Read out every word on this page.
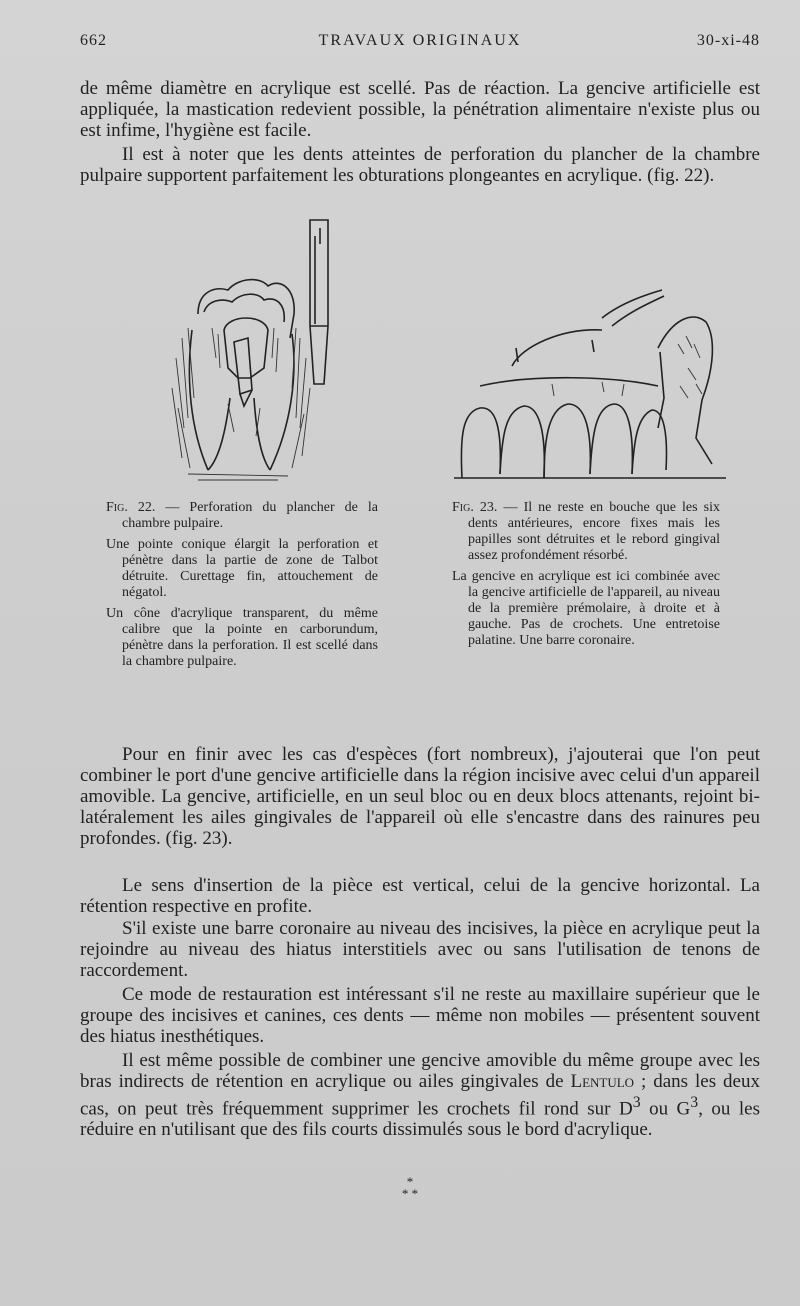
662	TRAVAUX ORIGINAUX	30-xi-48

de même diamètre en acrylique est scellé. Pas de réaction. La gencive artificielle est appliquée, la mastication redevient possible, la pénétration alimentaire n'existe plus ou est infime, l'hygiène est facile.

Il est à noter que les dents atteintes de perforation du plancher de la chambre pulpaire supportent parfaitement les obturations plongeantes en acrylique. (fig. 22).

Fig. 22. — Perforation du plancher de la chambre pulpaire.

Une pointe conique élargit la perforation et pénètre dans la partie de zone de Talbot détruite. Curettage fin, attouchement de négatol.

Un cône d'acrylique transparent, du même calibre que la pointe en carborundum, pénètre dans la perforation. Il est scellé dans la chambre pulpaire.

Fig. 23. — Il ne reste en bouche que les six dents antérieures, encore fixes mais les papilles sont détruites et le rebord gingival assez profondément résorbé.

La gencive en acrylique est ici combinée avec la gencive artificielle de l'appareil, au niveau de la première prémolaire, à droite et à gauche. Pas de crochets. Une entretoise palatine. Une barre coronaire.

Pour en finir avec les cas d'espèces (fort nombreux), j'ajouterai que l'on peut combiner le port d'une gencive artificielle dans la région incisive avec celui d'un appareil amovible. La gencive, artificielle, en un seul bloc ou en deux blocs attenants, rejoint bi-latéralement les ailes gingivales de l'appareil où elle s'encastre dans des rainures peu profondes. (fig. 23).

Le sens d'insertion de la pièce est vertical, celui de la gencive horizontal. La rétention respective en profite.

S'il existe une barre coronaire au niveau des incisives, la pièce en acrylique peut la rejoindre au niveau des hiatus interstitiels avec ou sans l'utilisation de tenons de raccordement.

Ce mode de restauration est intéressant s'il ne reste au maxillaire supérieur que le groupe des incisives et canines, ces dents — même non mobiles — présentent souvent des hiatus inesthétiques.

Il est même possible de combiner une gencive amovible du même groupe avec les bras indirects de rétention en acrylique ou ailes gingivales de Lentulo ; dans les deux cas, on peut très fréquemment supprimer les crochets fil rond sur $D^3$ ou $G^3$, ou les réduire en n'utilisant que des fils courts dissimulés sous le bord d'acrylique.

*
* *
